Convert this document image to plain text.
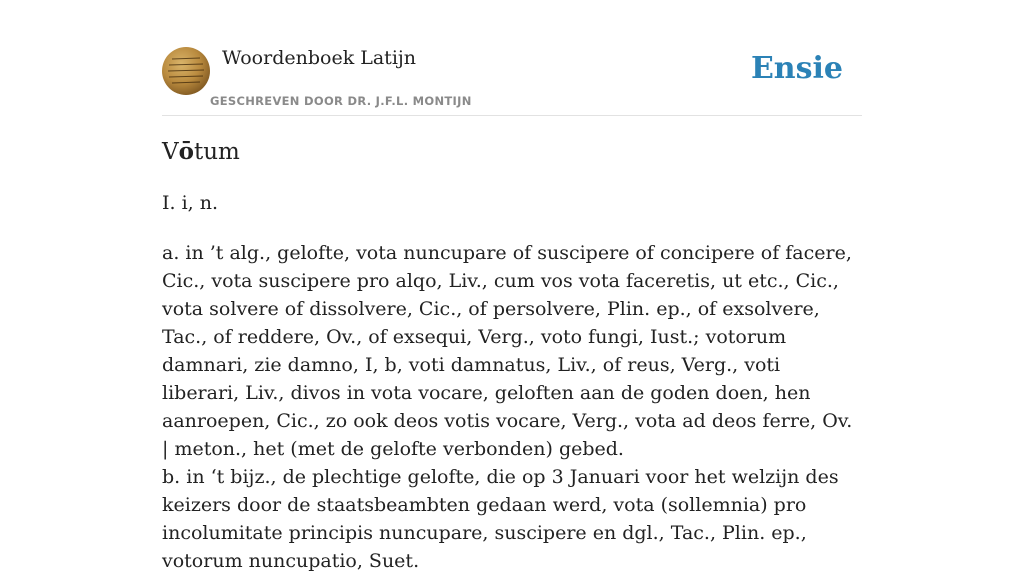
Woordenboek Latijn
GESCHREVEN DOOR DR. J.F.L. MONTIJN
Ensie
Vōtum
I. i, n.

a. in ’t alg., gelofte, vota nuncupare of suscipere of concipere of facere, Cic., vota suscipere pro alqo, Liv., cum vos vota faceretis, ut etc., Cic., vota solvere of dissolvere, Cic., of persolvere, Plin. ep., of exsolvere, Tac., of reddere, Ov., of exsequi, Verg., voto fungi, Iust.; votorum damnari, zie damno, I, b, voti damnatus, Liv., of reus, Verg., voti liberari, Liv., divos in vota vocare, geloften aan de goden doen, hen aanroepen, Cic., zo ook deos votis vocare, Verg., vota ad deos ferre, Ov. | meton., het (met de gelofte verbonden) gebed.

b. in ‘t bijz., de plechtige gelofte, die op 3 Januari voor het welzijn des keizers door de staatsbeambten gedaan werd, vota (sollemnia) pro incolumitate principis nuncupare, suscipere en dgl., Tac., Plin. ep., votorum nuncupatio, Suet.
